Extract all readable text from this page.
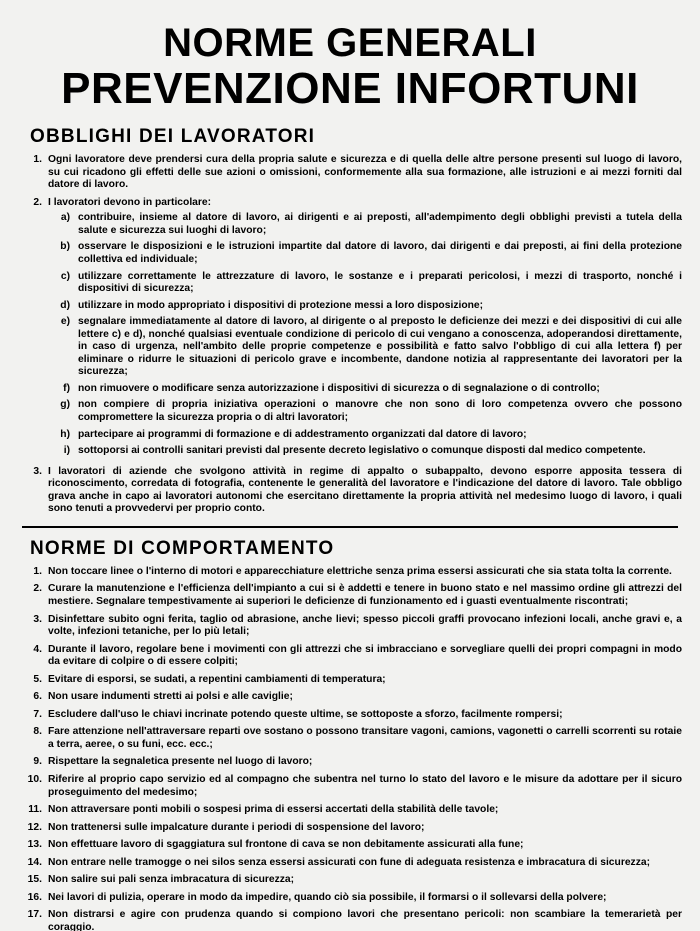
NORME GENERALI
PREVENZIONE INFORTUNI
OBBLIGHI DEI LAVORATORI
1. Ogni lavoratore deve prendersi cura della propria salute e sicurezza e di quella delle altre persone presenti sul luogo di lavoro, su cui ricadono gli effetti delle sue azioni o omissioni, conformemente alla sua formazione, alle istruzioni e ai mezzi forniti dal datore di lavoro.
2. I lavoratori devono in particolare:
a) contribuire, insieme al datore di lavoro, ai dirigenti e ai preposti, all'adempimento degli obblighi previsti a tutela della salute e sicurezza sui luoghi di lavoro;
b) osservare le disposizioni e le istruzioni impartite dal datore di lavoro, dai dirigenti e dai preposti, ai fini della protezione collettiva ed individuale;
c) utilizzare correttamente le attrezzature di lavoro, le sostanze e i preparati pericolosi, i mezzi di trasporto, nonché i dispositivi di sicurezza;
d) utilizzare in modo appropriato i dispositivi di protezione messi a loro disposizione;
e) segnalare immediatamente al datore di lavoro, al dirigente o al preposto le deficienze dei mezzi e dei dispositivi di cui alle lettere c) e d), nonché qualsiasi eventuale condizione di pericolo di cui vengano a conoscenza, adoperandosi direttamente, in caso di urgenza, nell'ambito delle proprie competenze e possibilità e fatto salvo l'obbligo di cui alla lettera f) per eliminare o ridurre le situazioni di pericolo grave e incombente, dandone notizia al rappresentante dei lavoratori per la sicurezza;
f) non rimuovere o modificare senza autorizzazione i dispositivi di sicurezza o di segnalazione o di controllo;
g) non compiere di propria iniziativa operazioni o manovre che non sono di loro competenza ovvero che possono compromettere la sicurezza propria o di altri lavoratori;
h) partecipare ai programmi di formazione e di addestramento organizzati dal datore di lavoro;
i) sottoporsi ai controlli sanitari previsti dal presente decreto legislativo o comunque disposti dal medico competente.
3. I lavoratori di aziende che svolgono attività in regime di appalto o subappalto, devono esporre apposita tessera di riconoscimento, corredata di fotografia, contenente le generalità del lavoratore e l'indicazione del datore di lavoro. Tale obbligo grava anche in capo ai lavoratori autonomi che esercitano direttamente la propria attività nel medesimo luogo di lavoro, i quali sono tenuti a provvedervi per proprio conto.
NORME DI COMPORTAMENTO
1. Non toccare linee o l'interno di motori e apparecchiature elettriche senza prima essersi assicurati che sia stata tolta la corrente.
2. Curare la manutenzione e l'efficienza dell'impianto a cui si è addetti e tenere in buono stato e nel massimo ordine gli attrezzi del mestiere. Segnalare tempestivamente ai superiori le deficienze di funzionamento ed i guasti eventualmente riscontrati;
3. Disinfettare subito ogni ferita, taglio od abrasione, anche lievi; spesso piccoli graffi provocano infezioni locali, anche gravi e, a volte, infezioni tetaniche, per lo più letali;
4. Durante il lavoro, regolare bene i movimenti con gli attrezzi che si imbracciano e sorvegliare quelli dei propri compagni in modo da evitare di colpire o di essere colpiti;
5. Evitare di esporsi, se sudati, a repentini cambiamenti di temperatura;
6. Non usare indumenti stretti ai polsi e alle caviglie;
7. Escludere dall'uso le chiavi incrinate potendo queste ultime, se sottoposte a sforzo, facilmente rompersi;
8. Fare attenzione nell'attraversare reparti ove sostano o possono transitare vagoni, camions, vagonetti o carrelli scorrenti su rotaie a terra, aeree, o su funi, ecc. ecc.;
9. Rispettare la segnaletica presente nel luogo di lavoro;
10. Riferire al proprio capo servizio ed al compagno che subentra nel turno lo stato del lavoro e le misure da adottare per il sicuro proseguimento del medesimo;
11. Non attraversare ponti mobili o sospesi prima di essersi accertati della stabilità delle tavole;
12. Non trattenersi sulle impalcature durante i periodi di sospensione del lavoro;
13. Non effettuare lavoro di sgaggiatura sul frontone di cava se non debitamente assicurati alla fune;
14. Non entrare nelle tramogge o nei silos senza essersi assicurati con fune di adeguata resistenza e imbracatura di sicurezza;
15. Non salire sui pali senza imbracatura di sicurezza;
16. Nei lavori di pulizia, operare in modo da impedire, quando ciò sia possibile, il formarsi o il sollevarsi della polvere;
17. Non distrarsi e agire con prudenza quando si compiono lavori che presentano pericoli: non scambiare la temerarietà per coraggio.
